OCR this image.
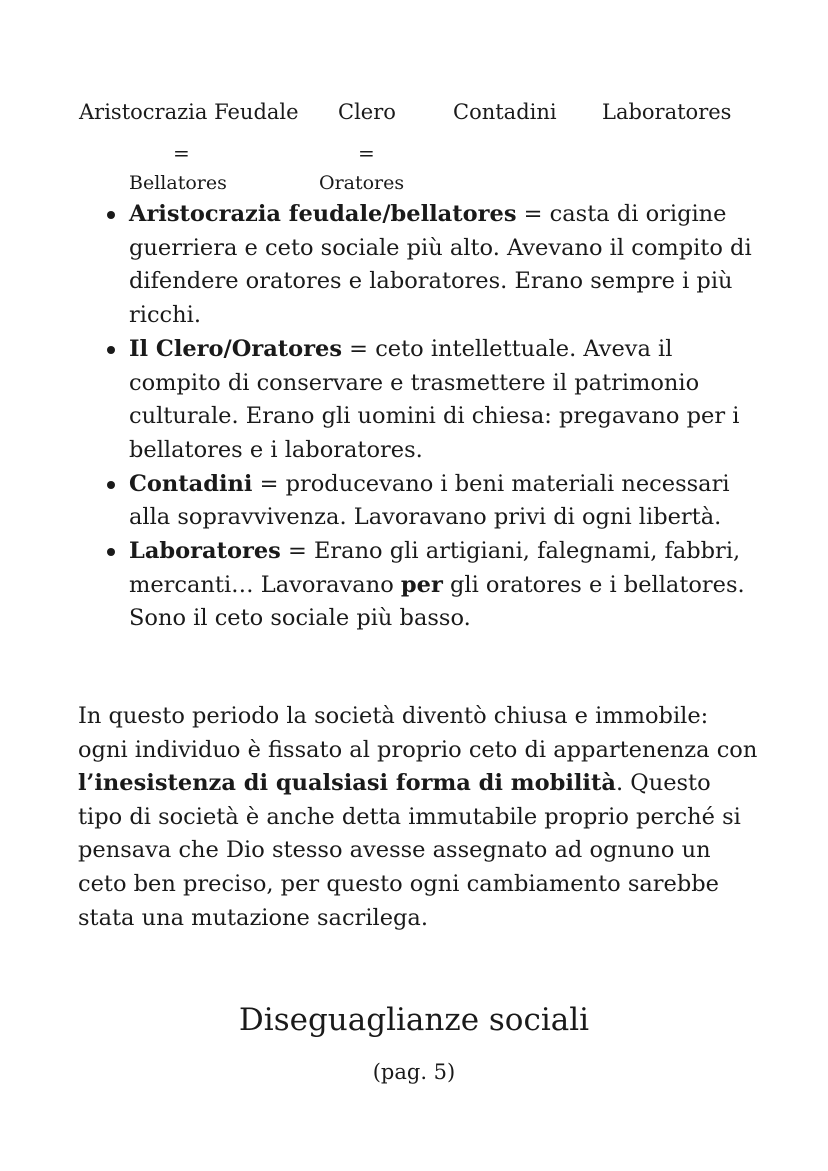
Aristocrazia Feudale Clero	Contadini Laboratores
=	=
Bellatores	Oratores
Aristocrazia feudale/bellatores = casta di origine guerriera e ceto sociale più alto. Avevano il compito di difendere oratores e laboratores. Erano sempre i più ricchi.
Il Clero/Oratores = ceto intellettuale. Aveva il compito di conservare e trasmettere il patrimonio culturale. Erano gli uomini di chiesa: pregavano per i bellatores e i laboratores.
Contadini = producevano i beni materiali necessari alla sopravvivenza. Lavoravano privi di ogni libertà.
Laboratores = Erano gli artigiani, falegnami, fabbri, mercanti… Lavoravano per gli oratores e i bellatores. Sono il ceto sociale più basso.

In questo periodo la società diventò chiusa e immobile: ogni individuo è fissato al proprio ceto di appartenenza con l’inesistenza di qualsiasi forma di mobilità. Questo tipo di società è anche detta immutabile proprio perché si pensava che Dio stesso avesse assegnato ad ognuno un ceto ben preciso, per questo ogni cambiamento sarebbe stata una mutazione sacrilega.

Diseguaglianze sociali
(pag. 5)
